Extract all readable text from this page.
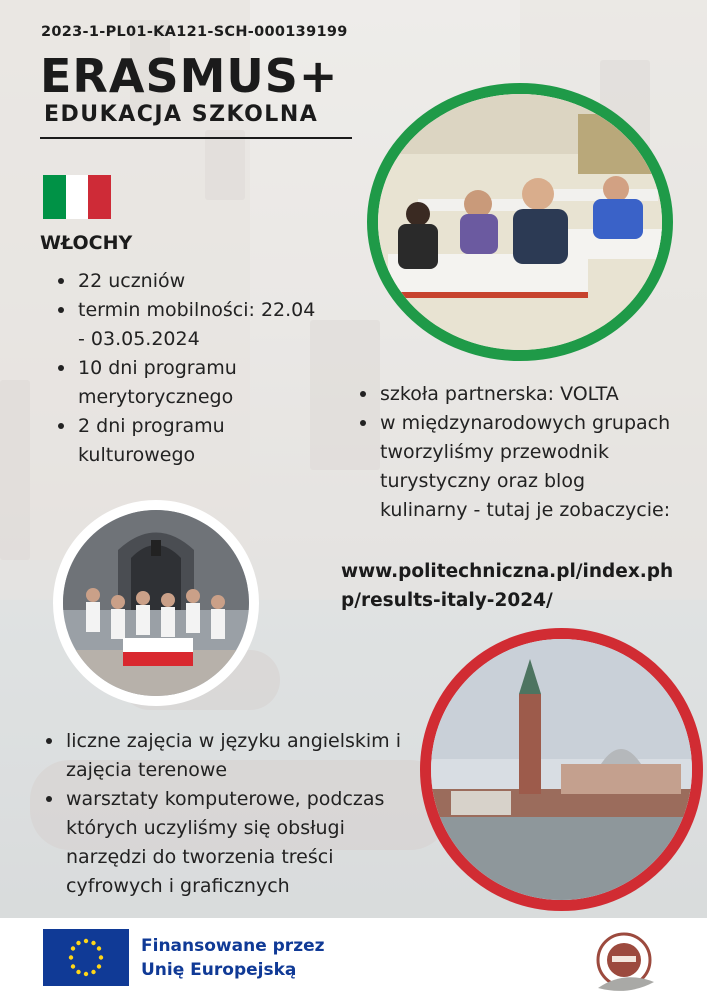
2023-1-PL01-KA121-SCH-000139199
ERASMUS+
EDUKACJA SZKOLNA
WŁOCHY
22 uczniów
termin mobilności: 22.04 - 03.05.2024
10 dni programu merytorycznego
2 dni programu kulturowego
szkoła partnerska: VOLTA
w międzynarodowych grupach tworzyliśmy przewodnik turystyczny oraz blog kulinarny - tutaj je zobaczycie:
www.politechniczna.pl/index.php/results-italy-2024/
liczne zajęcia w języku angielskim i zajęcia terenowe
warsztaty komputerowe, podczas których uczyliśmy się obsługi narzędzi do tworzenia treści cyfrowych i graficznych
Finansowane przez
Unię Europejską
